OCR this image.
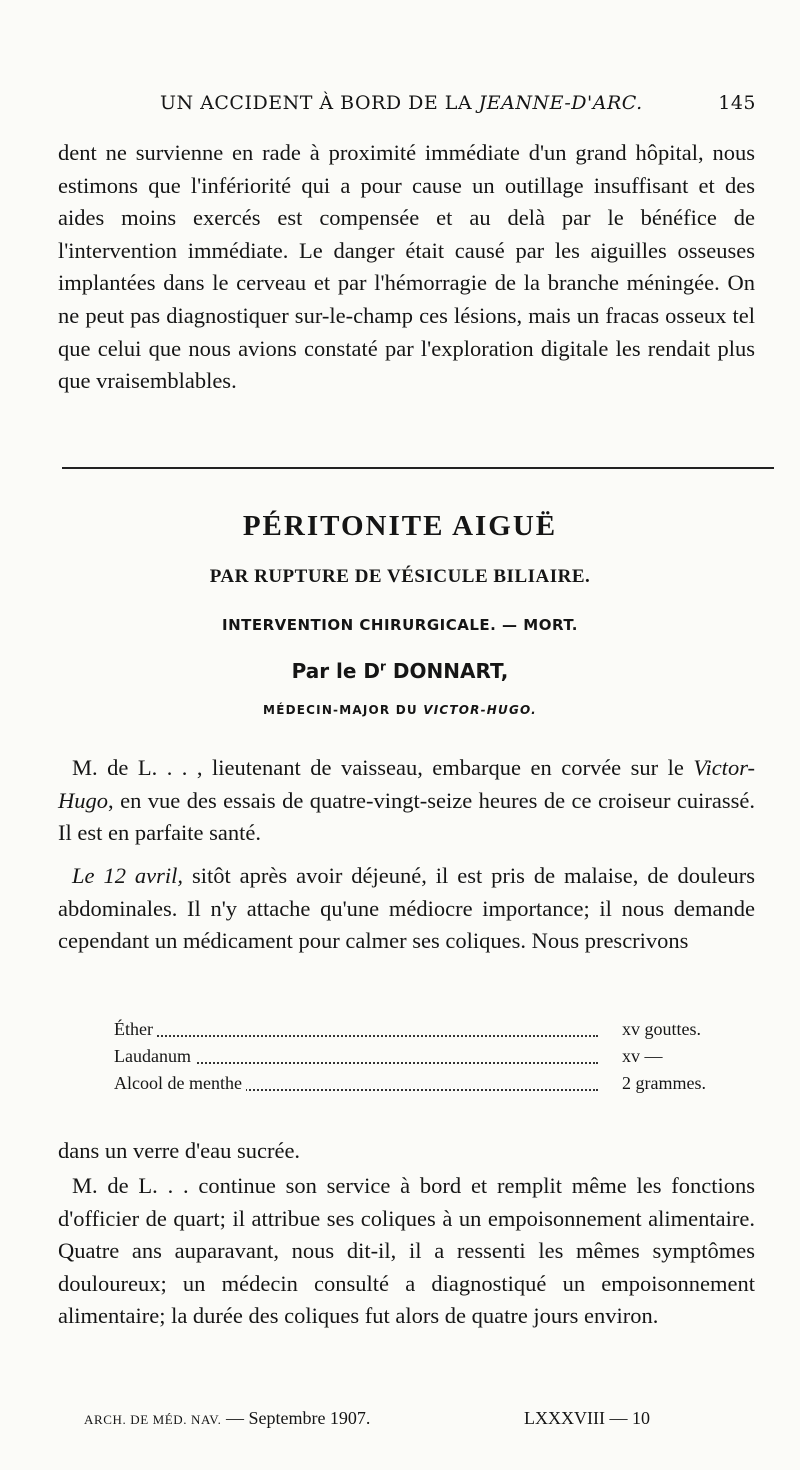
UN ACCIDENT À BORD DE LA JEANNE-D'ARC.	145

dent ne survienne en rade à proximité immédiate d'un grand hôpital, nous estimons que l'infériorité qui a pour cause un outillage insuffisant et des aides moins exercés est compensée et au delà par le bénéfice de l'intervention immédiate. Le danger était causé par les aiguilles osseuses implantées dans le cerveau et par l'hémorragie de la branche méningée. On ne peut pas diagnostiquer sur-le-champ ces lésions, mais un fracas osseux tel que celui que nous avions constaté par l'exploration digitale les rendait plus que vraisemblables.

PÉRITONITE AIGUË
PAR RUPTURE DE VÉSICULE BILIAIRE.
INTERVENTION CHIRURGICALE. — MORT.
Par le $D^r$ DONNART,
MÉDECIN-MAJOR DU VICTOR-HUGO.

M. de L. . . , lieutenant de vaisseau, embarque en corvée sur le Victor-Hugo, en vue des essais de quatre-vingt-seize heures de ce croiseur cuirassé. Il est en parfaite santé.

Le 12 avril, sitôt après avoir déjeuné, il est pris de malaise, de douleurs abdominales. Il n'y attache qu'une médiocre importance; il nous demande cependant un médicament pour calmer ses coliques. Nous prescrivons

Éther	xv gouttes.
Laudanum	xv —
Alcool de menthe	2 grammes.

dans un verre d'eau sucrée.

M. de L. . . continue son service à bord et remplit même les fonctions d'officier de quart; il attribue ses coliques à un empoisonnement alimentaire. Quatre ans auparavant, nous dit-il, il a ressenti les mêmes symptômes douloureux; un médecin consulté a diagnostiqué un empoisonnement alimentaire; la durée des coliques fut alors de quatre jours environ.

ARCH. DE MÉD. NAV. — Septembre 1907.	LXXXVIII — 10
